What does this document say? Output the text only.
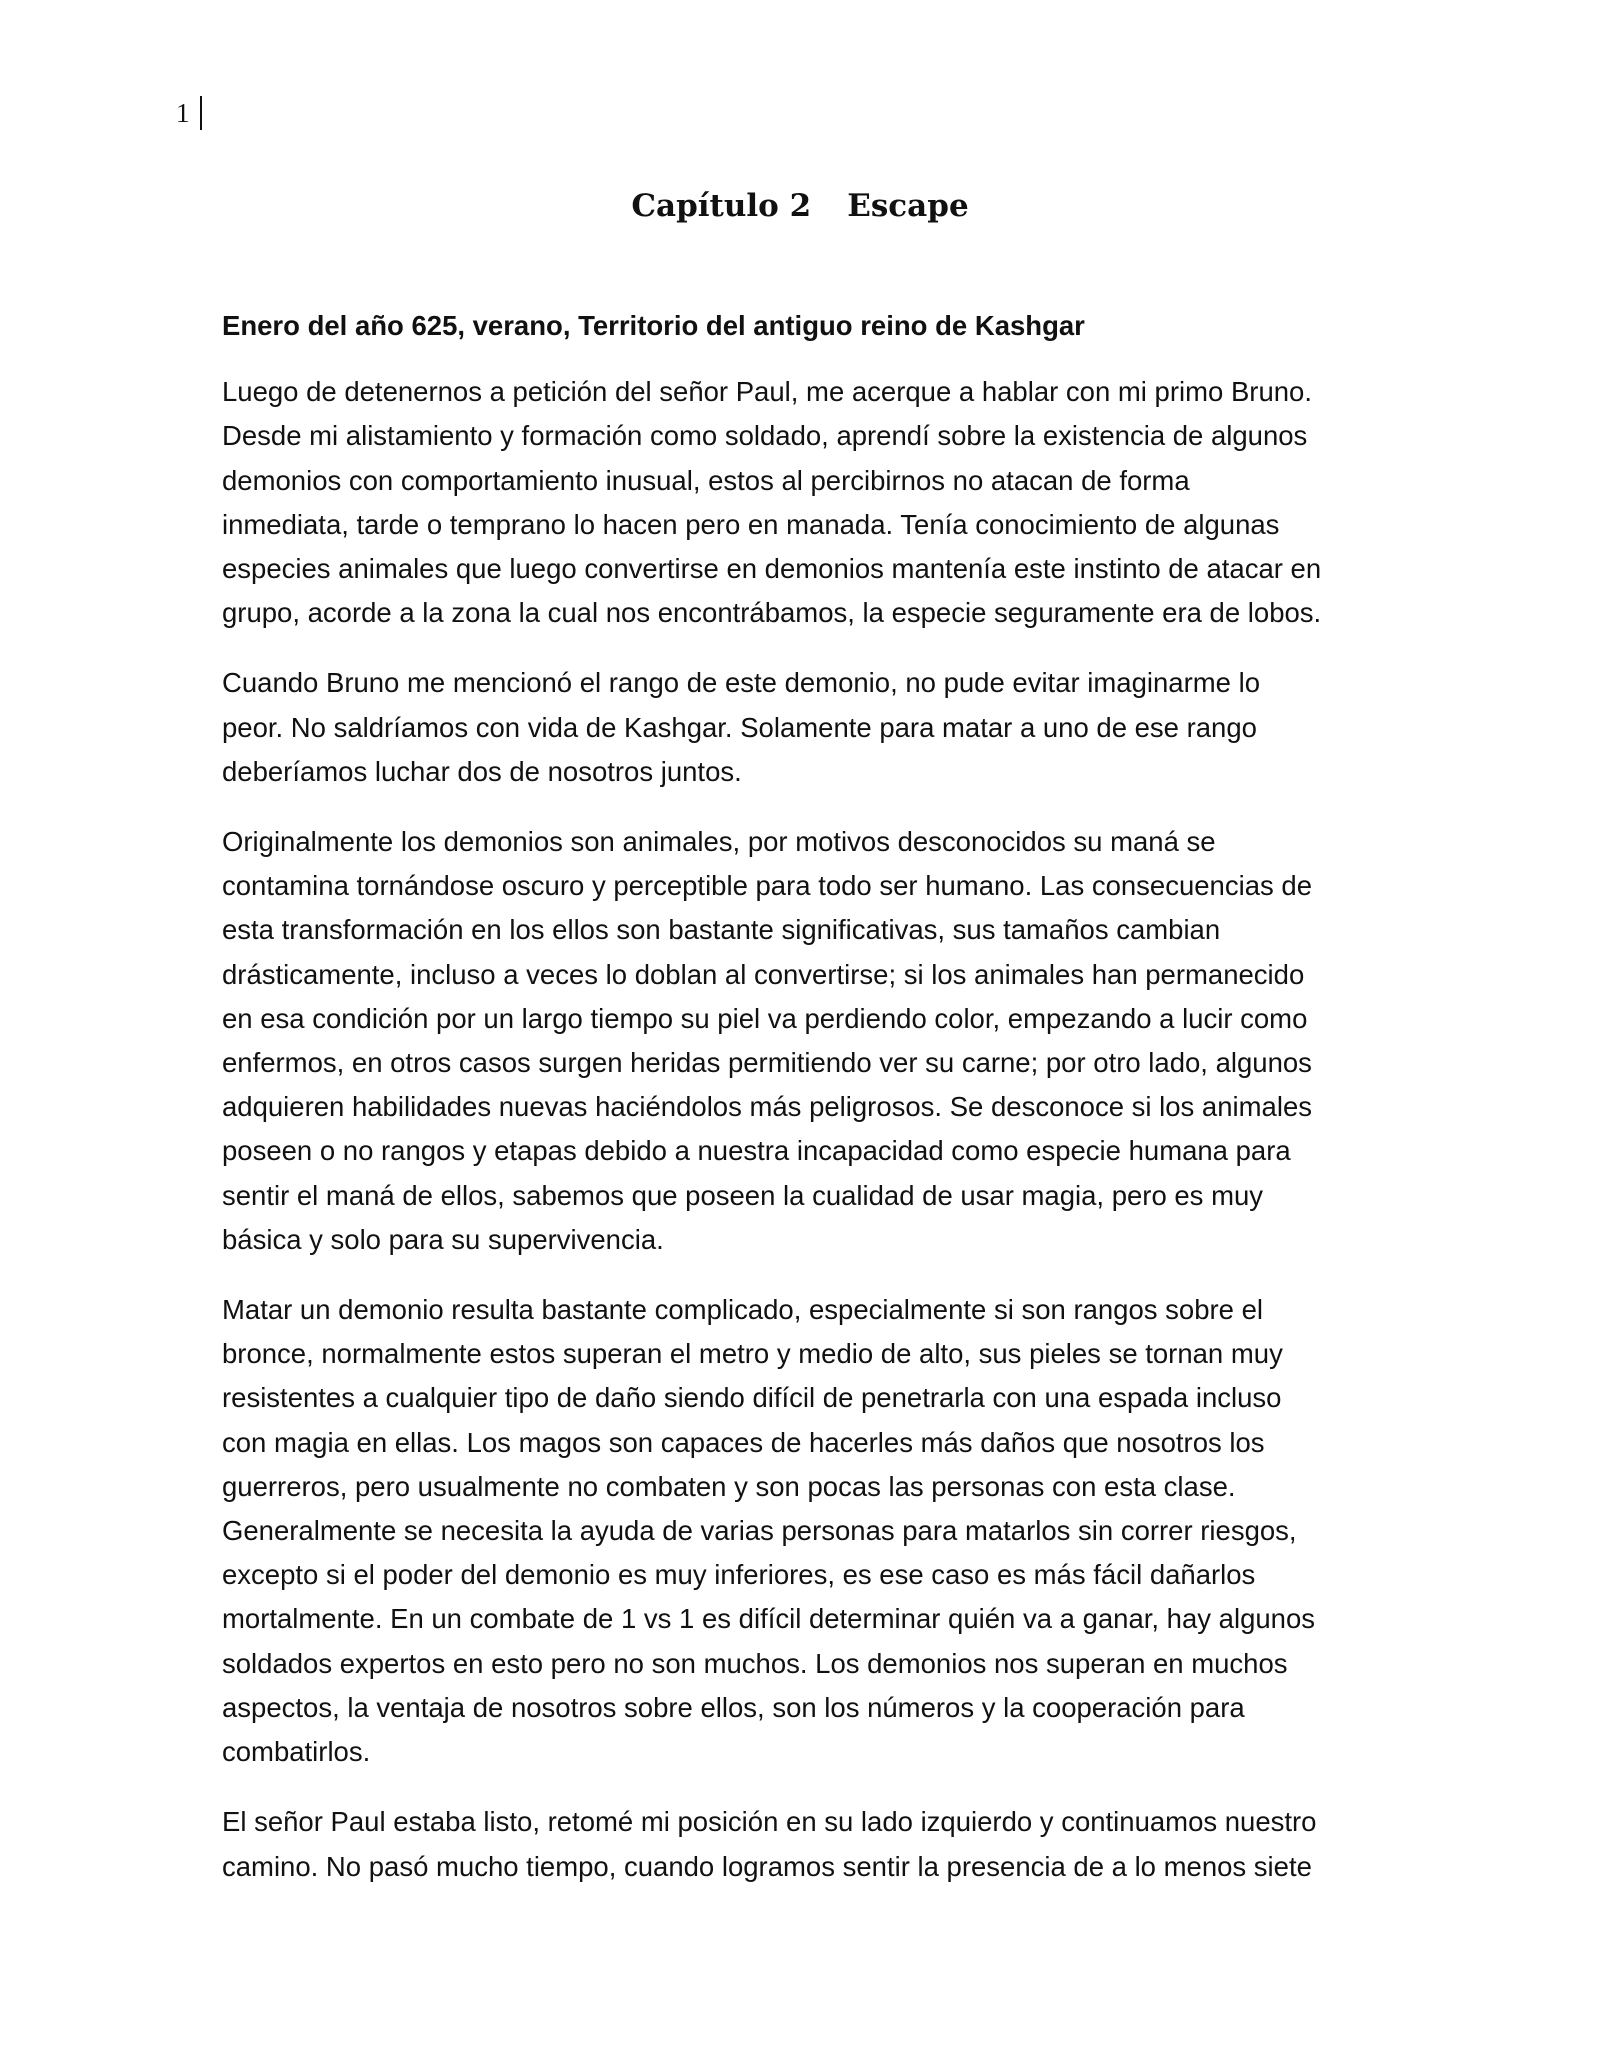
1
Capítulo 2 Escape
Enero del año 625, verano, Territorio del antiguo reino de Kashgar

Luego de detenernos a petición del señor Paul, me acerque a hablar con mi primo Bruno.
Desde mi alistamiento y formación como soldado, aprendí sobre la existencia de algunos
demonios con comportamiento inusual, estos al percibirnos no atacan de forma
inmediata, tarde o temprano lo hacen pero en manada. Tenía conocimiento de algunas
especies animales que luego convertirse en demonios mantenía este instinto de atacar en
grupo, acorde a la zona la cual nos encontrábamos, la especie seguramente era de lobos.

Cuando Bruno me mencionó el rango de este demonio, no pude evitar imaginarme lo
peor. No saldríamos con vida de Kashgar. Solamente para matar a uno de ese rango
deberíamos luchar dos de nosotros juntos.

Originalmente los demonios son animales, por motivos desconocidos su maná se
contamina tornándose oscuro y perceptible para todo ser humano. Las consecuencias de
esta transformación en los ellos son bastante significativas, sus tamaños cambian
drásticamente, incluso a veces lo doblan al convertirse; si los animales han permanecido
en esa condición por un largo tiempo su piel va perdiendo color, empezando a lucir como
enfermos, en otros casos surgen heridas permitiendo ver su carne; por otro lado, algunos
adquieren habilidades nuevas haciéndolos más peligrosos. Se desconoce si los animales
poseen o no rangos y etapas debido a nuestra incapacidad como especie humana para
sentir el maná de ellos, sabemos que poseen la cualidad de usar magia, pero es muy
básica y solo para su supervivencia.

Matar un demonio resulta bastante complicado, especialmente si son rangos sobre el
bronce, normalmente estos superan el metro y medio de alto, sus pieles se tornan muy
resistentes a cualquier tipo de daño siendo difícil de penetrarla con una espada incluso
con magia en ellas. Los magos son capaces de hacerles más daños que nosotros los
guerreros, pero usualmente no combaten y son pocas las personas con esta clase.
Generalmente se necesita la ayuda de varias personas para matarlos sin correr riesgos,
excepto si el poder del demonio es muy inferiores, es ese caso es más fácil dañarlos
mortalmente. En un combate de 1 vs 1 es difícil determinar quién va a ganar, hay algunos
soldados expertos en esto pero no son muchos. Los demonios nos superan en muchos
aspectos, la ventaja de nosotros sobre ellos, son los números y la cooperación para
combatirlos.

El señor Paul estaba listo, retomé mi posición en su lado izquierdo y continuamos nuestro
camino. No pasó mucho tiempo, cuando logramos sentir la presencia de a lo menos siete
